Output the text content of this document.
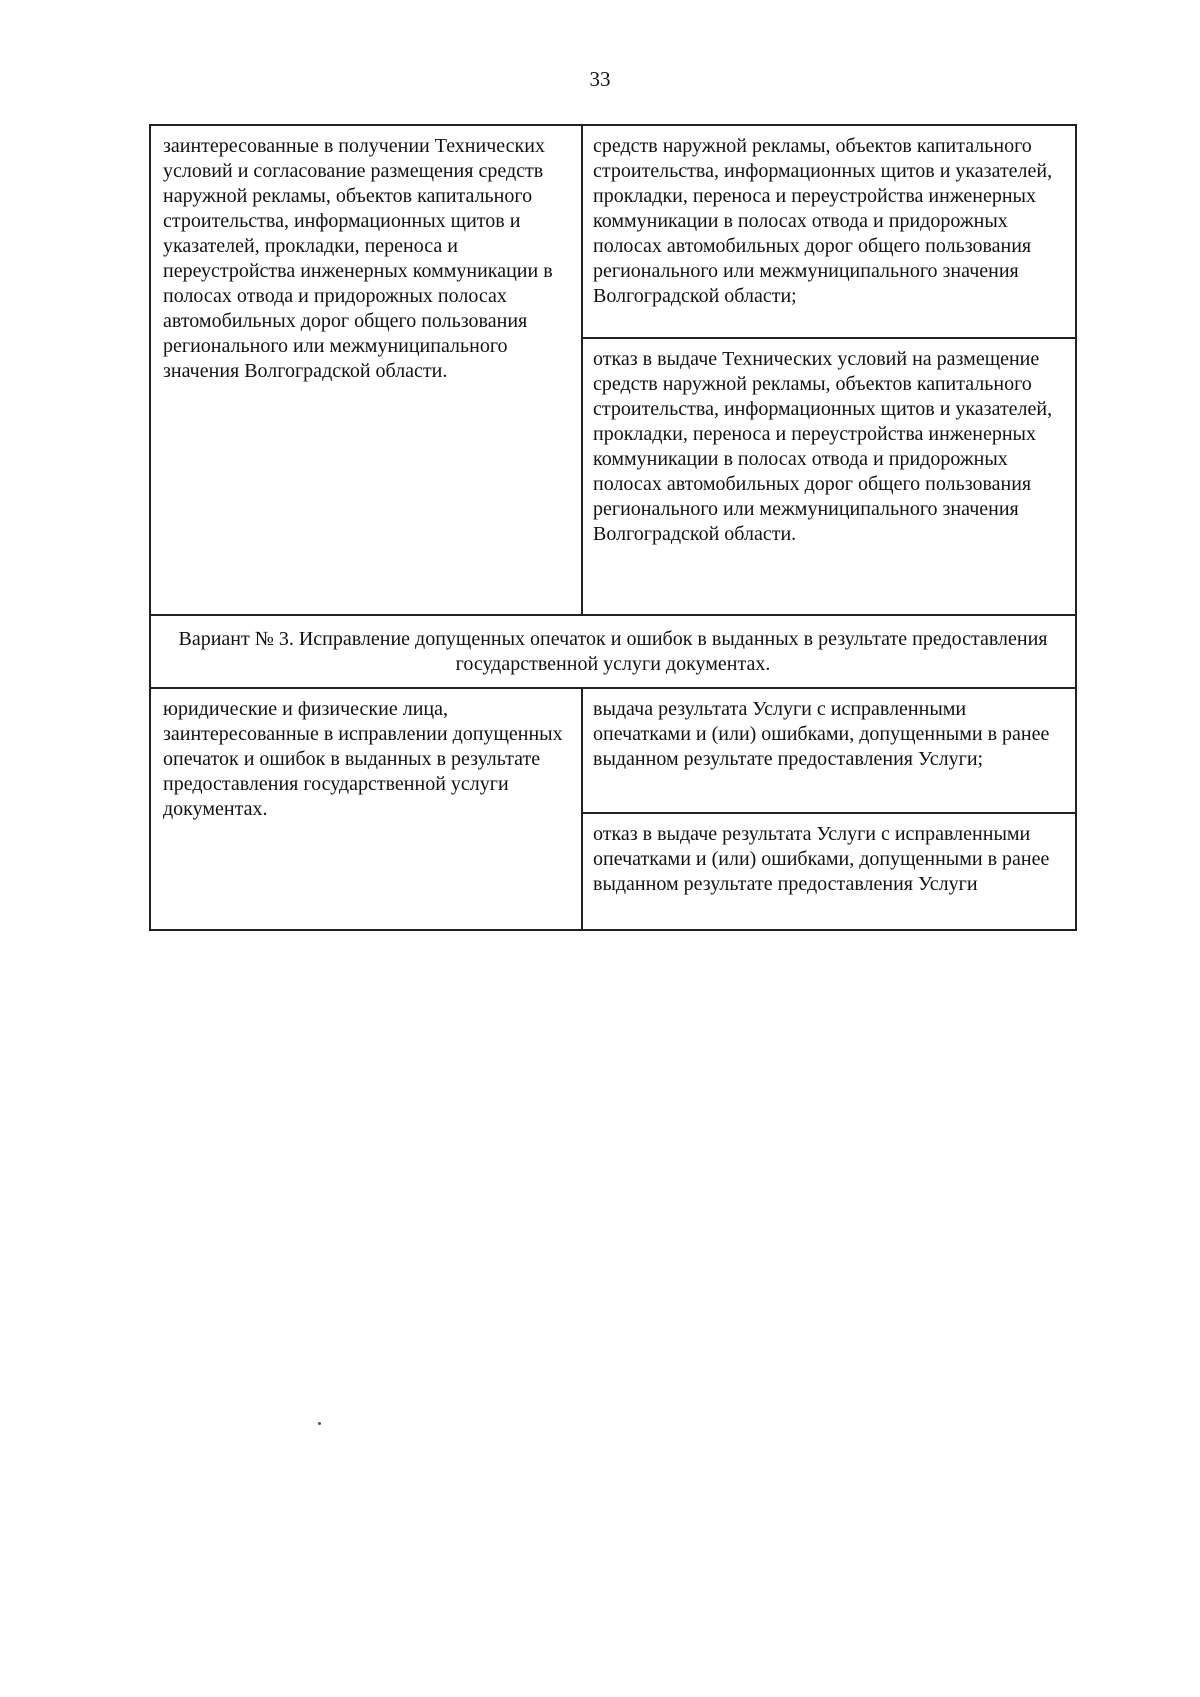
33
заинтересованные в получении Технических условий и согласование размещения средств наружной рекламы, объектов капитального строительства, информационных щитов и указателей, прокладки, переноса и переустройства инженерных коммуникации в полосах отвода и придорожных полосах автомобильных дорог общего пользования регионального или межмуниципального значения Волгоградской области.
средств наружной рекламы, объектов капитального строительства, информационных щитов и указателей, прокладки, переноса и переустройства инженерных коммуникации в полосах отвода и придорожных полосах автомобильных дорог общего пользования регионального или межмуниципального значения Волгоградской области;
отказ в выдаче Технических условий на размещение средств наружной рекламы, объектов капитального строительства, информационных щитов и указателей, прокладки, переноса и переустройства инженерных коммуникации в полосах отвода и придорожных полосах автомобильных дорог общего пользования регионального или межмуниципального значения Волгоградской области.
Вариант № 3. Исправление допущенных опечаток и ошибок в выданных в результате предоставления государственной услуги документах.
юридические и физические лица, заинтересованные в исправлении допущенных опечаток и ошибок в выданных в результате предоставления государственной услуги документах.
выдача результата Услуги с исправленными опечатками и (или) ошибками, допущенными в ранее выданном результате предоставления Услуги;
отказ в выдаче результата Услуги с исправленными опечатками и (или) ошибками, допущенными в ранее выданном результате предоставления Услуги
